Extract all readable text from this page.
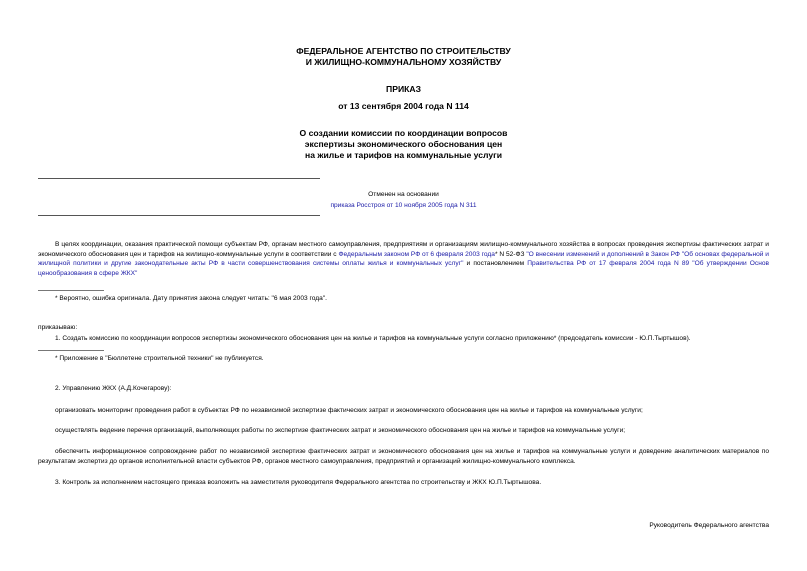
ФЕДЕРАЛЬНОЕ АГЕНТСТВО ПО СТРОИТЕЛЬСТВУ
И ЖИЛИЩНО-КОММУНАЛЬНОМУ ХОЗЯЙСТВУ
ПРИКАЗ
от 13 сентября 2004 года N 114
О создании комиссии по координации вопросов
экспертизы экономического обоснования цен
на жилье и тарифов на коммунальные услуги
Отменен на основании
приказа Росстроя от 10 ноября 2005 года N 311
В целях координации, оказания практической помощи субъектам РФ, органам местного самоуправления, предприятиям и организациям жилищно-коммунального хозяйства в вопросах проведения экспертизы фактических затрат и экономического обоснования цен и тарифов на жилищно-коммунальные услуги в соответствии с Федеральным законом РФ от 6 февраля 2003 года* N 52-ФЗ "О внесении изменений и дополнений в Закон РФ "Об основах федеральной и жилищной политики и другие законодательные акты РФ в части совершенствования системы оплаты жилья и коммунальных услуг" и постановлением Правительства РФ от 17 февраля 2004 года N 89 "Об утверждении Основ ценообразования в сфере ЖКХ"
* Вероятно, ошибка оригинала. Дату принятия закона следует читать: "6 мая 2003 года".
приказываю:
1. Создать комиссию по координации вопросов экспертизы экономического обоснования цен на жилье и тарифов на коммунальные услуги согласно приложению* (председатель комиссии - Ю.П.Тыртышов).
* Приложение в "Бюллетене строительной техники" не публикуется.
2. Управлению ЖКХ (А.Д.Кочегарову):
организовать мониторинг проведения работ в субъектах РФ по независимой экспертизе фактических затрат и экономического обоснования цен на жилье и тарифов на коммунальные услуги;
осуществлять ведение перечня организаций, выполняющих работы по экспертизе фактических затрат и экономического обоснования цен на жилье и тарифов на коммунальные услуги;
обеспечить информационное сопровождение работ по независимой экспертизе фактических затрат и экономического обоснования цен на жилье и тарифов на коммунальные услуги и доведение аналитических материалов по результатам экспертиз до органов исполнительной власти субъектов РФ, органов местного самоуправления, предприятий и организаций жилищно-коммунального комплекса.
3. Контроль за исполнением настоящего приказа возложить на заместителя руководителя Федерального агентства по строительству и ЖКХ Ю.П.Тыртышова.
Руководитель Федерального агентства
